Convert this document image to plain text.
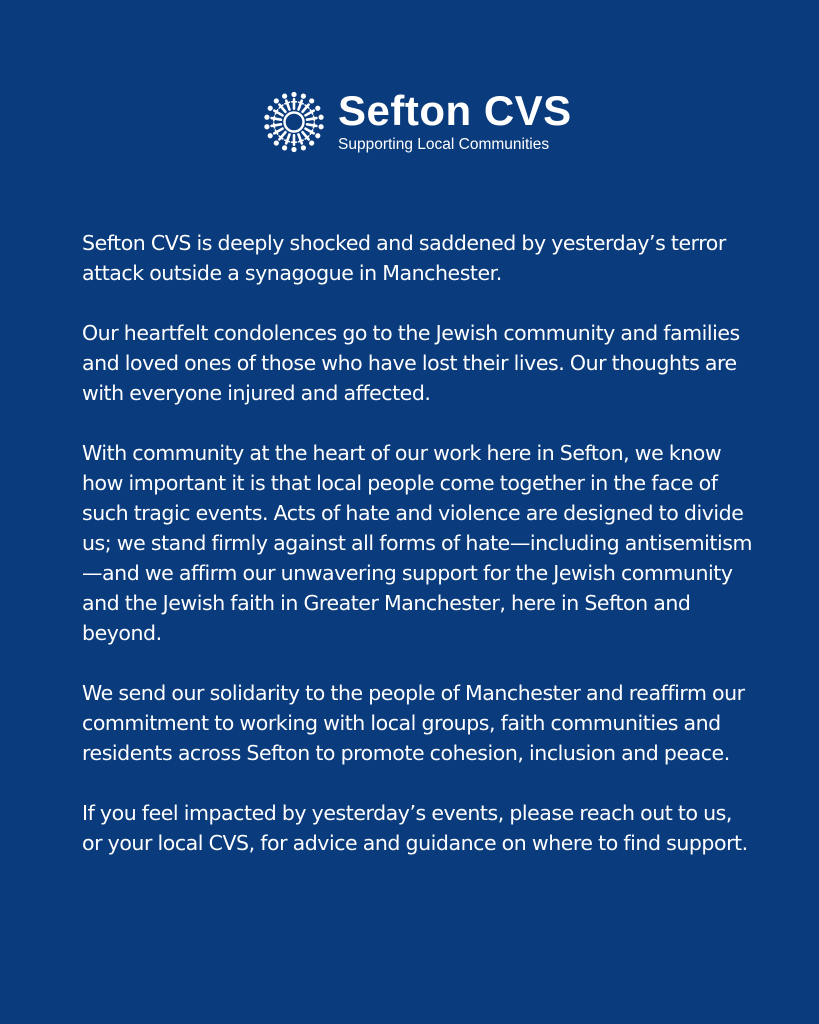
Sefton CVS
Supporting Local Communities

Sefton CVS is deeply shocked and saddened by yesterday’s terror attack outside a synagogue in Manchester.

Our heartfelt condolences go to the Jewish community and families and loved ones of those who have lost their lives. Our thoughts are with everyone injured and affected.

With community at the heart of our work here in Sefton, we know how important it is that local people come together in the face of such tragic events. Acts of hate and violence are designed to divide us; we stand firmly against all forms of hate—including antisemitism—and we affirm our unwavering support for the Jewish community and the Jewish faith in Greater Manchester, here in Sefton and beyond.

We send our solidarity to the people of Manchester and reaffirm our commitment to working with local groups, faith communities and residents across Sefton to promote cohesion, inclusion and peace.

If you feel impacted by yesterday’s events, please reach out to us, or your local CVS, for advice and guidance on where to find support.
